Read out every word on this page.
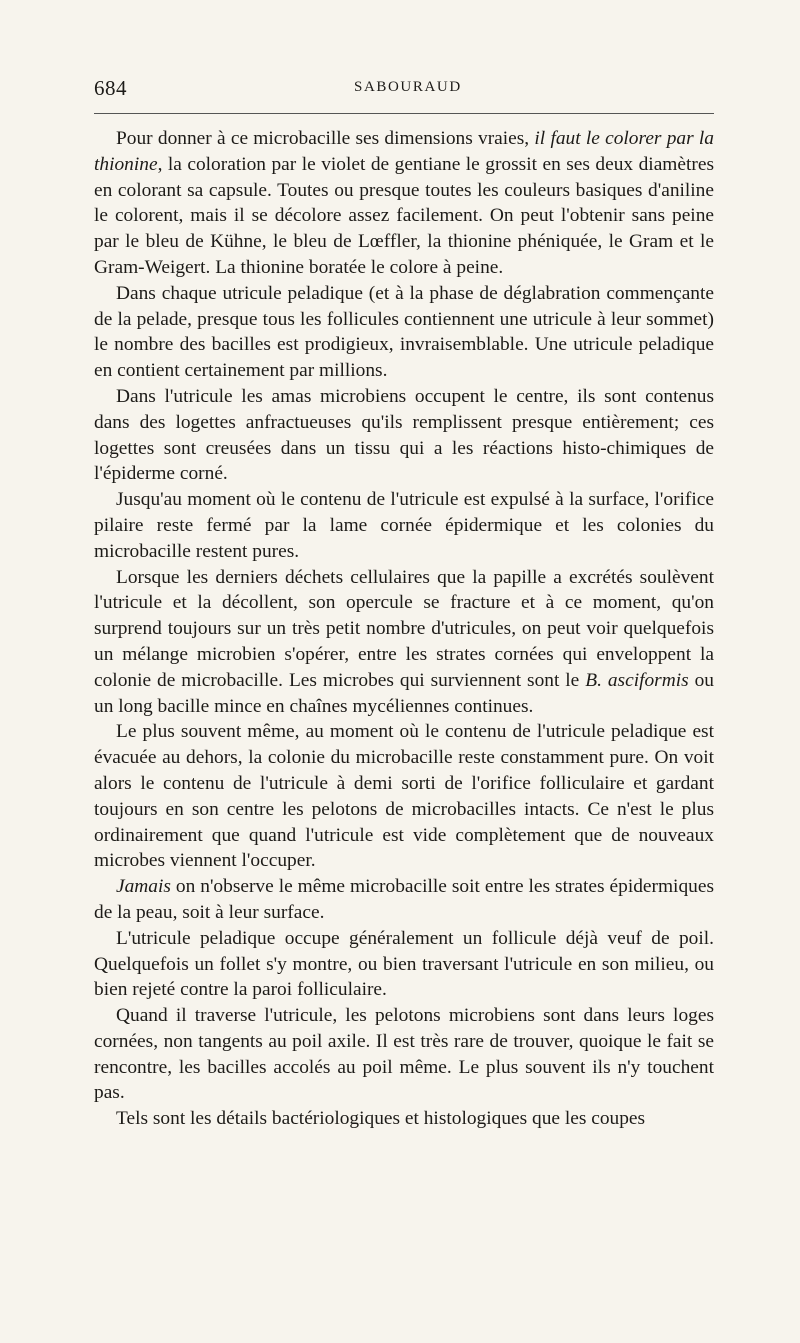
684	SABOURAUD

Pour donner à ce microbacille ses dimensions vraies, il faut le colorer par la thionine, la coloration par le violet de gentiane le grossit en ses deux diamètres en colorant sa capsule. Toutes ou presque toutes les couleurs basiques d'aniline le colorent, mais il se décolore assez facilement. On peut l'obtenir sans peine par le bleu de Kühne, le bleu de Lœffler, la thionine phéniquée, le Gram et le Gram-Weigert. La thionine boratée le colore à peine.

Dans chaque utricule peladique (et à la phase de déglabration commençante de la pelade, presque tous les follicules contiennent une utricule à leur sommet) le nombre des bacilles est prodigieux, invraisemblable. Une utricule peladique en contient certainement par millions.

Dans l'utricule les amas microbiens occupent le centre, ils sont contenus dans des logettes anfractueuses qu'ils remplissent presque entièrement; ces logettes sont creusées dans un tissu qui a les réactions histo-chimiques de l'épiderme corné.

Jusqu'au moment où le contenu de l'utricule est expulsé à la surface, l'orifice pilaire reste fermé par la lame cornée épidermique et les colonies du microbacille restent pures.

Lorsque les derniers déchets cellulaires que la papille a excrétés soulèvent l'utricule et la décollent, son opercule se fracture et à ce moment, qu'on surprend toujours sur un très petit nombre d'utricules, on peut voir quelquefois un mélange microbien s'opérer, entre les strates cornées qui enveloppent la colonie de microbacille. Les microbes qui surviennent sont le B. asciformis ou un long bacille mince en chaînes mycéliennes continues.

Le plus souvent même, au moment où le contenu de l'utricule peladique est évacuée au dehors, la colonie du microbacille reste constamment pure. On voit alors le contenu de l'utricule à demi sorti de l'orifice folliculaire et gardant toujours en son centre les pelotons de microbacilles intacts. Ce n'est le plus ordinairement que quand l'utricule est vide complètement que de nouveaux microbes viennent l'occuper.

Jamais on n'observe le même microbacille soit entre les strates épidermiques de la peau, soit à leur surface.

L'utricule peladique occupe généralement un follicule déjà veuf de poil. Quelquefois un follet s'y montre, ou bien traversant l'utricule en son milieu, ou bien rejeté contre la paroi folliculaire.

Quand il traverse l'utricule, les pelotons microbiens sont dans leurs loges cornées, non tangents au poil axile. Il est très rare de trouver, quoique le fait se rencontre, les bacilles accolés au poil même. Le plus souvent ils n'y touchent pas.

Tels sont les détails bactériologiques et histologiques que les coupes
